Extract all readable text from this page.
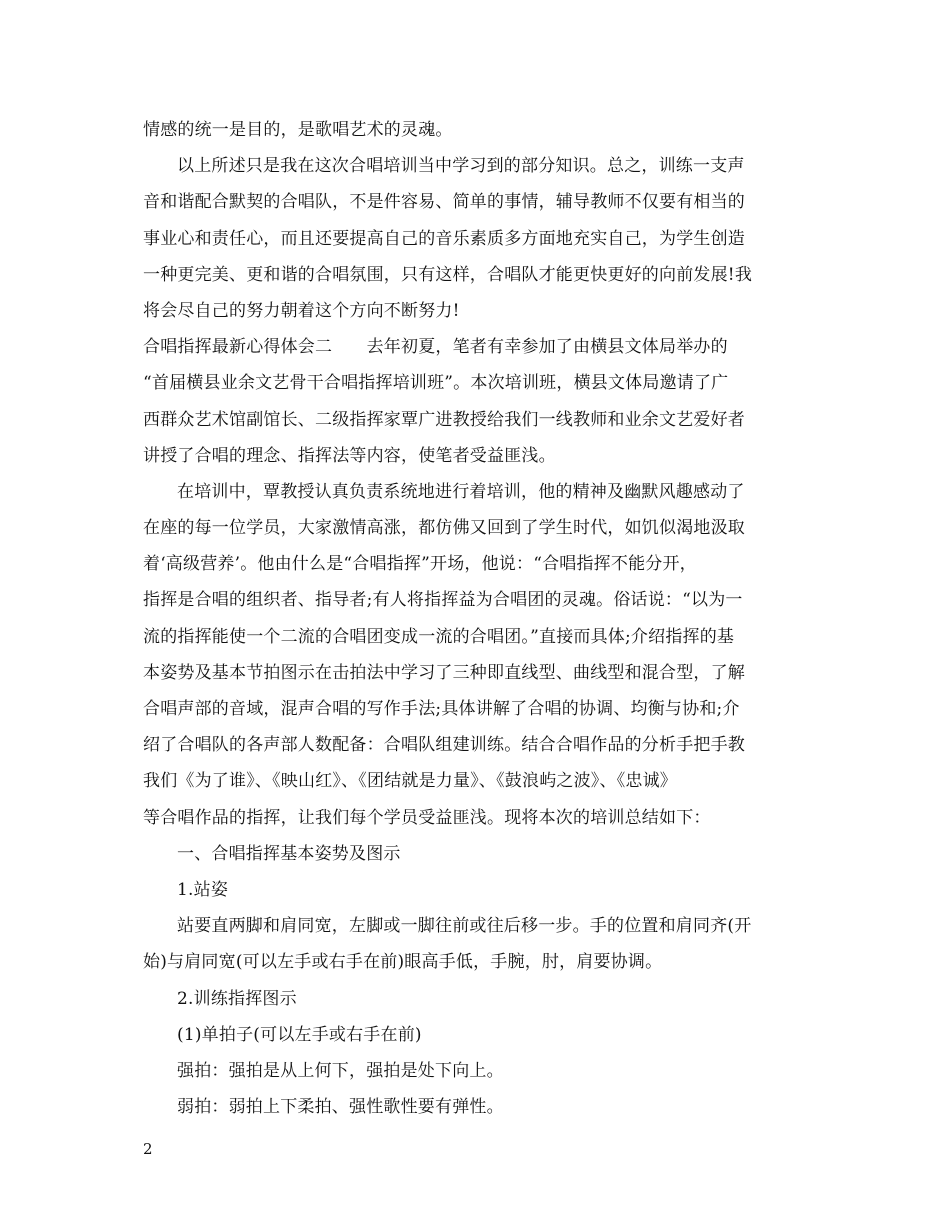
情感的统一是目的，是歌唱艺术的灵魂。
以上所述只是我在这次合唱培训当中学习到的部分知识。总之，训练一支声
音和谐配合默契的合唱队，不是件容易、简单的事情，辅导教师不仅要有相当的
事业心和责任心，而且还要提高自己的音乐素质多方面地充实自己，为学生创造
一种更完美、更和谐的合唱氛围，只有这样，合唱队才能更快更好的向前发展!我
将会尽自己的努力朝着这个方向不断努力!
合唱指挥最新心得体会二　　去年初夏，笔者有幸参加了由横县文体局举办的
“首届横县业余文艺骨干合唱指挥培训班”。本次培训班，横县文体局邀请了广
西群众艺术馆副馆长、二级指挥家覃广进教授给我们一线教师和业余文艺爱好者
讲授了合唱的理念、指挥法等内容，使笔者受益匪浅。
在培训中，覃教授认真负责系统地进行着培训，他的精神及幽默风趣感动了
在座的每一位学员，大家激情高涨，都仿佛又回到了学生时代，如饥似渴地汲取
着‘高级营养’。他由什么是“合唱指挥”开场，他说：“合唱指挥不能分开，
指挥是合唱的组织者、指导者;有人将指挥益为合唱团的灵魂。俗话说：“以为一
流的指挥能使一个二流的合唱团变成一流的合唱团。”直接而具体;介绍指挥的基
本姿势及基本节拍图示在击拍法中学习了三种即直线型、曲线型和混合型，了解
合唱声部的音域，混声合唱的写作手法;具体讲解了合唱的协调、均衡与协和;介
绍了合唱队的各声部人数配备：合唱队组建训练。结合合唱作品的分析手把手教
我们《为了谁》、《映山红》、《团结就是力量》、《鼓浪屿之波》、《忠诚》
等合唱作品的指挥，让我们每个学员受益匪浅。现将本次的培训总结如下：
一、合唱指挥基本姿势及图示
1.站姿
站要直两脚和肩同宽，左脚或一脚往前或往后移一步。手的位置和肩同齐(开
始)与肩同宽(可以左手或右手在前)眼高手低，手腕，肘，肩要协调。
2.训练指挥图示
(1)单拍子(可以左手或右手在前)
强拍：强拍是从上何下，强拍是处下向上。
弱拍：弱拍上下柔拍、强性歌性要有弹性。
2
